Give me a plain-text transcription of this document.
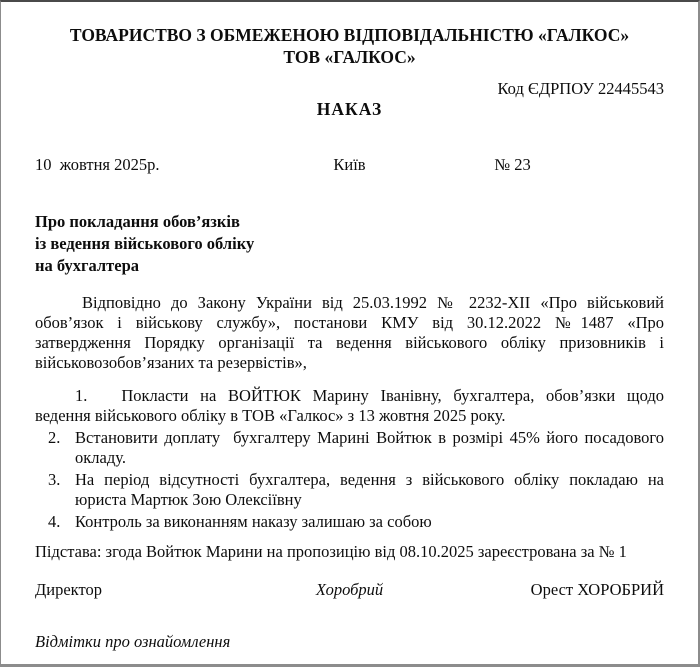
ТОВАРИСТВО З ОБМЕЖЕНОЮ ВІДПОВІДАЛЬНІСТЮ «ГАЛКОС»
ТОВ «ГАЛКОС»
Код ЄДРПОУ 22445543
НАКАЗ
10  жовтня 2025р.	Київ	№ 23
Про покладання обов’язків
із ведення військового обліку
на бухгалтера

Відповідно до Закону України від 25.03.1992 № 2232-XII «Про військовий обов’язок і військову службу», постанови КМУ від 30.12.2022 №1487 «Про затвердження Порядку організації та ведення військового обліку призовників і військовозобов’язаних та резервістів»,

1. Покласти на ВОЙТЮК Марину Іванівну, бухгалтера, обов’язки щодо ведення військового обліку в ТОВ «Галкос» з 13 жовтня 2025 року.

2. Встановити доплату  бухгалтеру Марині Войтюк в розмірі 45% його посадового окладу.

3. На період відсутності бухгалтера, ведення з військового обліку покладаю на юриста Мартюк Зою Олексіївну

4. Контроль за виконанням наказу залишаю за собою

Підстава: згода Войтюк Марини на пропозицію від 08.10.2025 зареєстрована за № 1

Директор	Хоробрий	Орест ХОРОБРИЙ

Відмітки про ознайомлення
